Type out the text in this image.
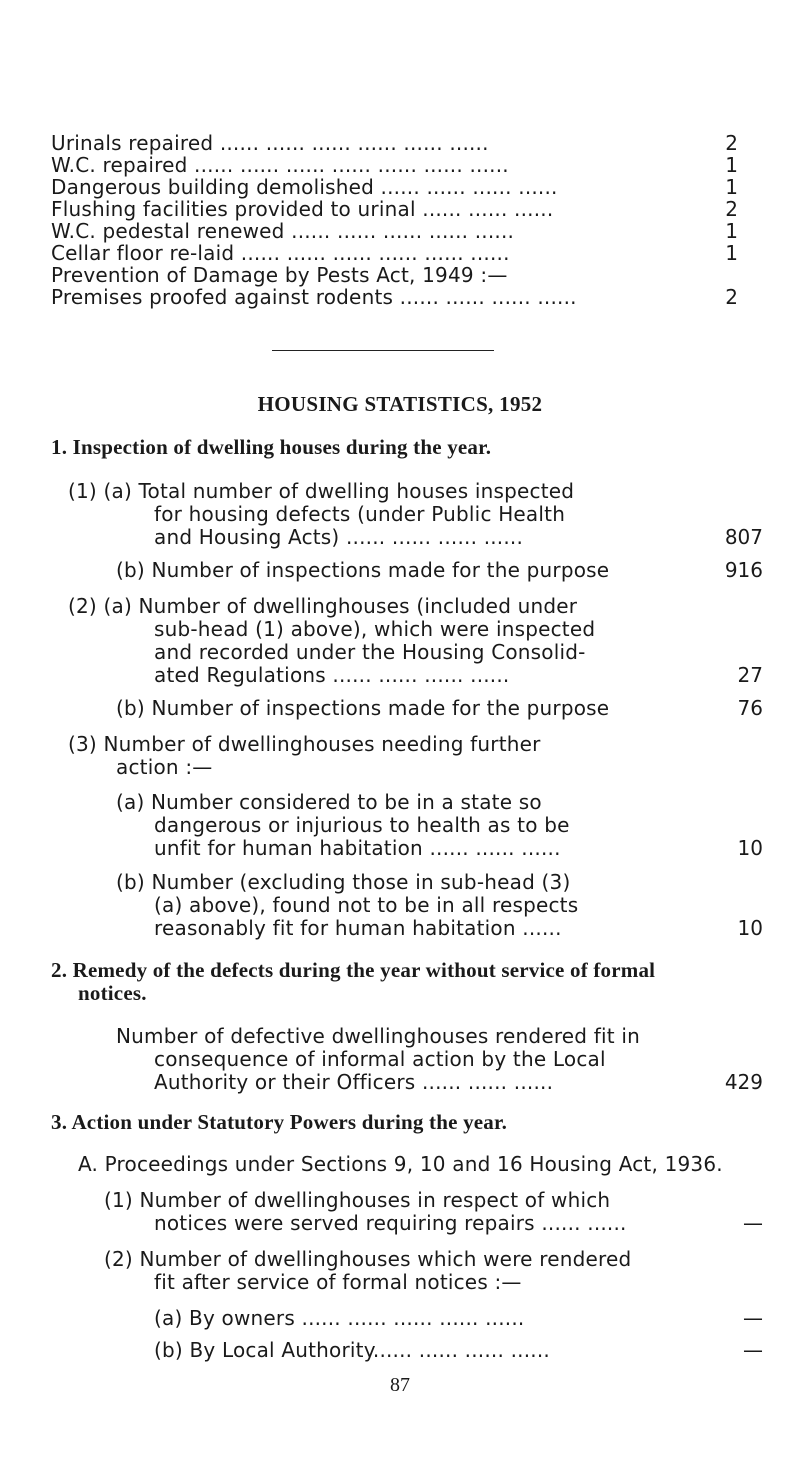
Urinals repaired ...... ...... ...... ...... ...... ......	2
W.C. repaired ...... ...... ...... ...... ...... ...... ......	1
Dangerous building demolished ...... ...... ...... ......	1
Flushing facilities provided to urinal ...... ...... ......	2
W.C. pedestal renewed ...... ...... ...... ...... ......	1
Cellar floor re-laid ...... ...... ...... ...... ...... ......	1
Prevention of Damage by Pests Act, 1949 :—
Premises proofed against rodents ...... ...... ...... ......	2
HOUSING STATISTICS, 1952
1. Inspection of dwelling houses during the year.
(1) (a) Total number of dwelling houses inspected
for housing defects (under Public Health
and Housing Acts) ...... ...... ...... ......	807
(b) Number of inspections made for the purpose	916
(2) (a) Number of dwellinghouses (included under
sub-head (1) above), which were inspected
and recorded under the Housing Consolid-
ated Regulations ...... ...... ...... ......	27
(b) Number of inspections made for the purpose	76
(3) Number of dwellinghouses needing further
action :—
(a) Number considered to be in a state so
dangerous or injurious to health as to be
unfit for human habitation ...... ...... ......	10
(b) Number (excluding those in sub-head (3)
(a) above), found not to be in all respects
reasonably fit for human habitation ......	10
2. Remedy of the defects during the year without service of formal
notices.
Number of defective dwellinghouses rendered fit in
consequence of informal action by the Local
Authority or their Officers ...... ...... ......	429
3. Action under Statutory Powers during the year.
A. Proceedings under Sections 9, 10 and 16 Housing Act, 1936.
(1) Number of dwellinghouses in respect of which
notices were served requiring repairs ...... ......	—
(2) Number of dwellinghouses which were rendered
fit after service of formal notices :—
(a) By owners ...... ...... ...... ...... ......	—
(b) By Local Authority...... ...... ...... ......	—
87
